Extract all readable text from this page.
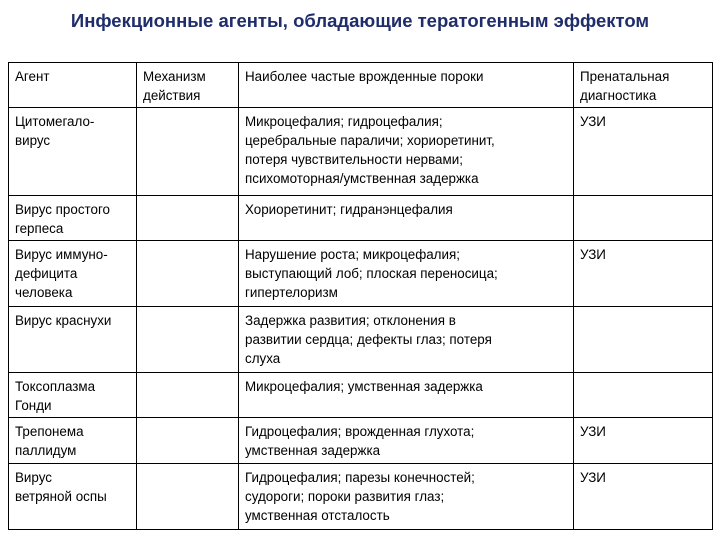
Инфекционные агенты, обладающие тератогенным эффектом
Агент	Механизм
действия	Наиболее частые врожденные пороки	Пренатальная
диагностика
Цитомегало-
вирус		Микроцефалия; гидроцефалия;
церебральные параличи; хориоретинит,
потеря чувствительности нервами;
психомоторная/умственная задержка	УЗИ
Вирус простого
герпеса		Хориоретинит; гидранэнцефалия	
Вирус иммуно-
дефицита
человека		Нарушение роста; микроцефалия;
выступающий лоб; плоская переносица;
гипертелоризм	УЗИ
Вирус краснухи		Задержка развития; отклонения в
развитии сердца; дефекты глаз; потеря
слуха	
Токсоплазма
Гонди		Микроцефалия; умственная задержка	
Трепонема
паллидум		Гидроцефалия; врожденная глухота;
умственная задержка	УЗИ
Вирус
ветряной оспы		Гидроцефалия; парезы конечностей;
судороги; пороки развития глаз;
умственная отсталость	УЗИ
